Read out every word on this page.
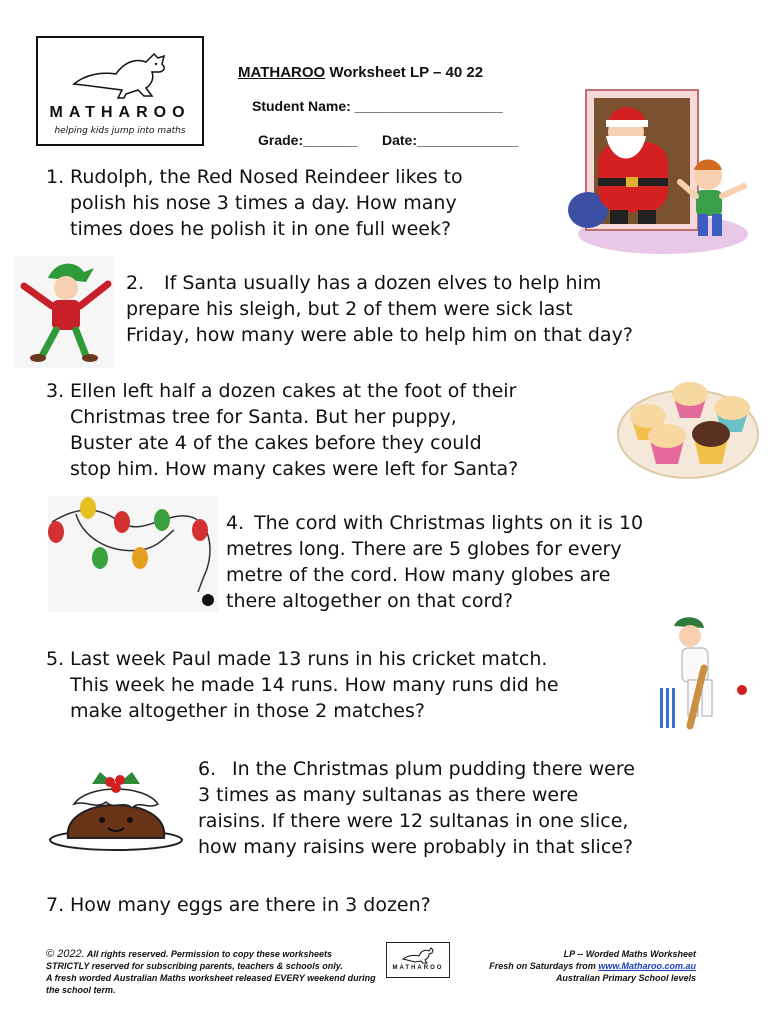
MATHAROO
helping kids jump into maths
MATHAROO Worksheet LP – 40 22
Student Name: ___________________
Grade:_______ Date:_____________
1. Rudolph, the Red Nosed Reindeer likes to
polish his nose 3 times a day. How many
times does he polish it in one full week?
2. If Santa usually has a dozen elves to help him
prepare his sleigh, but 2 of them were sick last
Friday, how many were able to help him on that day?
3. Ellen left half a dozen cakes at the foot of their
Christmas tree for Santa. But her puppy,
Buster ate 4 of the cakes before they could
stop him. How many cakes were left for Santa?
4. The cord with Christmas lights on it is 10
metres long. There are 5 globes for every
metre of the cord. How many globes are
there altogether on that cord?
5. Last week Paul made 13 runs in his cricket match.
This week he made 14 runs. How many runs did he
make altogether in those 2 matches?
6. In the Christmas plum pudding there were
3 times as many sultanas as there were
raisins. If there were 12 sultanas in one slice,
how many raisins were probably in that slice?
7. How many eggs are there in 3 dozen?
© 2022. All rights reserved. Permission to copy these worksheets
STRICTLY reserved for subscribing parents, teachers & schools only.
A fresh worded Australian Maths worksheet released EVERY weekend during the school term.
MATHAROO
LP -- Worded Maths Worksheet
Fresh on Saturdays from www.Matharoo.com.au
Australian Primary School levels
